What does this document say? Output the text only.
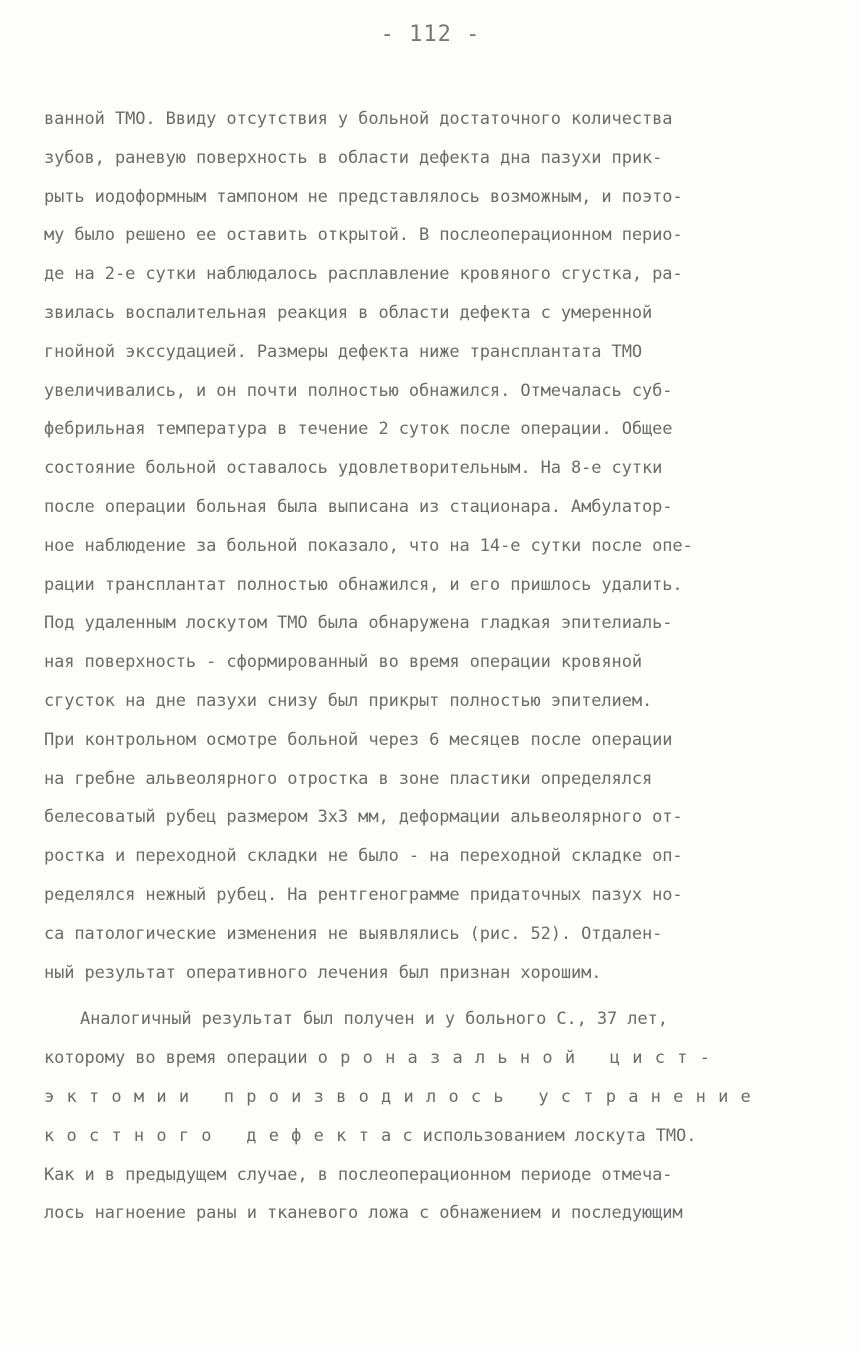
- 112 -
ванной ТМО. Ввиду отсутствия у больной достаточного количества
зубов, раневую поверхность в области дефекта дна пазухи прик-
рыть иодоформным тампоном не представлялось возможным, и поэто-
му было решено ее оставить открытой. В послеоперационном перио-
де на 2-е сутки наблюдалось расплавление кровяного сгустка, ра-
звилась воспалительная реакция в области дефекта с умеренной
гнойной экссудацией. Размеры дефекта ниже трансплантата ТМО
увеличивались, и он почти полностью обнажился. Отмечалась суб-
фебрильная температура в течение 2 суток после операции. Общее
состояние больной оставалось удовлетворительным. На 8-е сутки
после операции больная была выписана из стационара. Амбулатор-
ное наблюдение за больной показало, что на 14-е сутки после опе-
рации трансплантат полностью обнажился, и его пришлось удалить.
Под удаленным лоскутом ТМО была обнаружена гладкая эпителиаль-
ная поверхность - сформированный во время операции кровяной
сгусток на дне пазухи снизу был прикрыт полностью эпителием.
При контрольном осмотре больной через 6 месяцев после операции
на гребне альвеолярного отростка в зоне пластики определялся
белесоватый рубец размером 3х3 мм, деформации альвеолярного от-
ростка и переходной складки не было - на переходной складке оп-
ределялся нежный рубец. На рентгенограмме придаточных пазух но-
са патологические изменения не выявлялись (рис. 52). Отдален-
ный результат оперативного лечения был признан хорошим.
Аналогичный результат был получен и у больного С., 37 лет,
которому во время операции о р о н а з а л ь н о й   ц и с т -
э к т о м и и   п р о и з в о д и л о с ь   у с т р а н е н и е
к о с т н о г о   д е ф е к т а с использованием лоскута ТМО.
Как и в предыдущем случае, в послеоперационном периоде отмеча-
лось нагноение раны и тканевого ложа с обнажением и последующим
